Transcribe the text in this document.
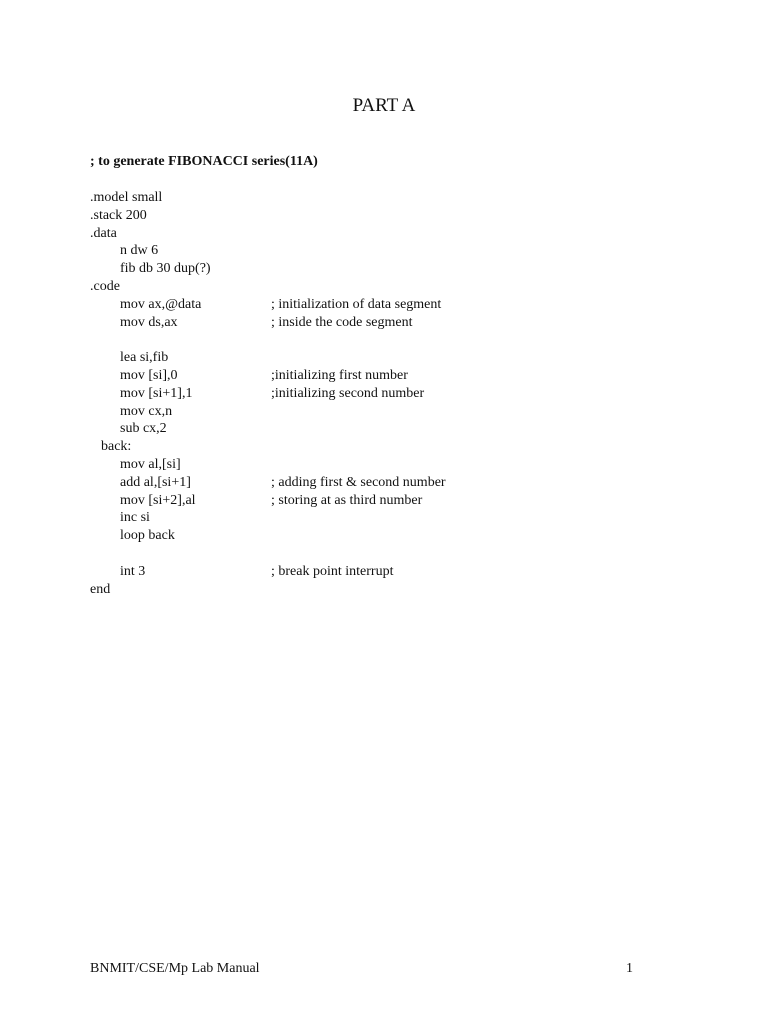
PART A
; to generate FIBONACCI series(11A)
.model small
.stack 200
.data
n dw 6
fib db 30 dup(?)
.code
mov ax,@data	; initialization of data segment
mov ds,ax	; inside the code segment
lea si,fib
mov [si],0	;initializing first number
mov [si+1],1	;initializing second number
mov cx,n
sub cx,2
back:
mov al,[si]
add al,[si+1]	; adding first & second number
mov [si+2],al	; storing at as third number
inc si
loop back
int 3	; break point interrupt
end
BNMIT/CSE/Mp Lab Manual	1
